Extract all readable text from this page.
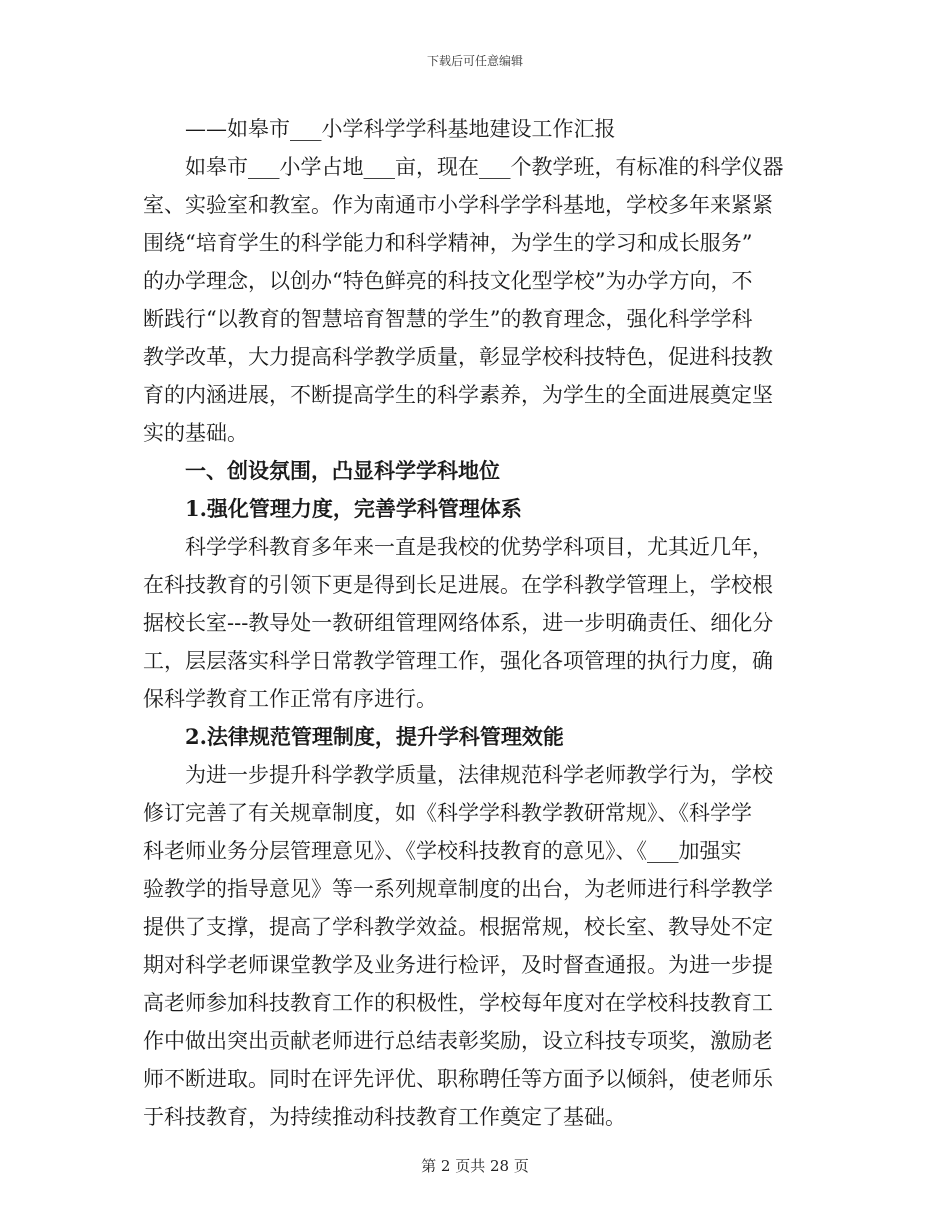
下载后可任意编辑
——如皋市___小学科学学科基地建设工作汇报
如皋市___小学占地___亩，现在___个教学班，有标准的科学仪器
室、实验室和教室。作为南通市小学科学学科基地，学校多年来紧紧
围绕“培育学生的科学能力和科学精神，为学生的学习和成长服务”
的办学理念，以创办“特色鲜亮的科技文化型学校”为办学方向，不
断践行“以教育的智慧培育智慧的学生”的教育理念，强化科学学科
教学改革，大力提高科学教学质量，彰显学校科技特色，促进科技教
育的内涵进展，不断提高学生的科学素养，为学生的全面进展奠定坚
实的基础。
一、创设氛围，凸显科学学科地位
1.强化管理力度，完善学科管理体系
科学学科教育多年来一直是我校的优势学科项目，尤其近几年，
在科技教育的引领下更是得到长足进展。在学科教学管理上，学校根
据校长室---教导处一教研组管理网络体系，进一步明确责任、细化分
工，层层落实科学日常教学管理工作，强化各项管理的执行力度，确
保科学教育工作正常有序进行。
2.法律规范管理制度，提升学科管理效能
为进一步提升科学教学质量，法律规范科学老师教学行为，学校
修订完善了有关规章制度，如《科学学科教学教研常规》、《科学学
科老师业务分层管理意见》、《学校科技教育的意见》、《___加强实
验教学的指导意见》等一系列规章制度的出台，为老师进行科学教学
提供了支撑，提高了学科教学效益。根据常规，校长室、教导处不定
期对科学老师课堂教学及业务进行检评，及时督查通报。为进一步提
高老师参加科技教育工作的积极性，学校每年度对在学校科技教育工
作中做出突出贡献老师进行总结表彰奖励，设立科技专项奖，激励老
师不断进取。同时在评先评优、职称聘任等方面予以倾斜，使老师乐
于科技教育，为持续推动科技教育工作奠定了基础。
第 2 页共 28 页
